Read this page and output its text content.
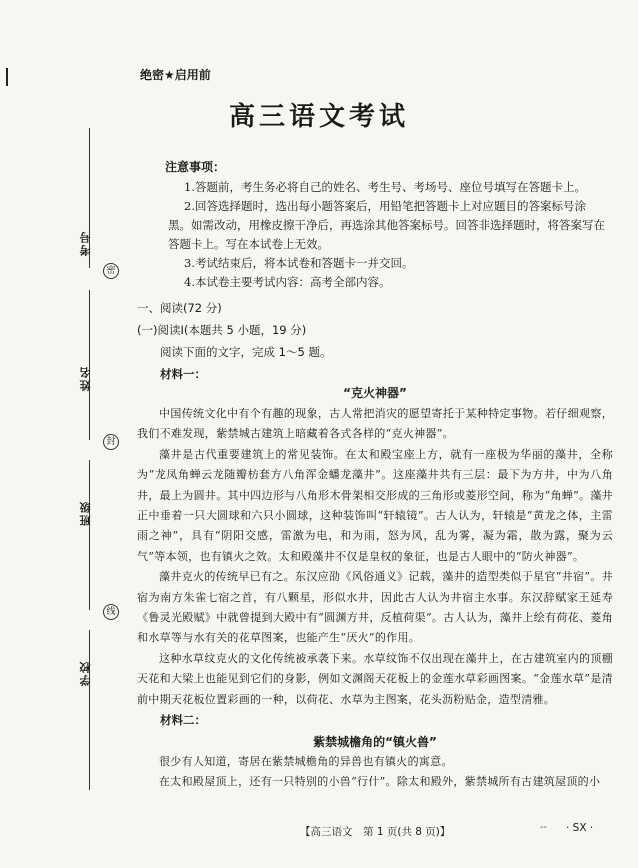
考号
密
姓名
封
班级
线
学校
绝密★启用前
高三语文考试
注意事项：

1.答题前，考生务必将自己的姓名、考生号、考场号、座位号填写在答题卡上。

2.回答选择题时，选出每小题答案后，用铅笔把答题卡上对应题目的答案标号涂

黑。如需改动，用橡皮擦干净后，再选涂其他答案标号。回答非选择题时，将答案写在

答题卡上。写在本试卷上无效。

3.考试结束后，将本试卷和答题卡一并交回。

4.本试卷主要考试内容：高考全部内容。

一、阅读(72 分)
(一)阅读Ⅰ(本题共 5 小题，19 分)
阅读下面的文字，完成 1～5 题。
材料一：
“克火神器”

中国传统文化中有个有趣的现象，古人常把消灾的愿望寄托于某种特定事物。若仔细观察，我们不难发现，紫禁城古建筑上暗藏着各式各样的“克火神器”。

藻井是古代重要建筑上的常见装饰。在太和殿宝座上方，就有一座极为华丽的藻井，全称为“龙凤角蝉云龙随瓣枋套方八角浑金蟠龙藻井”。这座藻井共有三层：最下为方井，中为八角井，最上为圆井。其中四边形与八角形木骨架相交形成的三角形或菱形空间，称为“角蝉”。藻井正中垂着一只大圆球和六只小圆球，这种装饰叫“轩辕镜”。古人认为，轩辕是“黄龙之体，主雷雨之神”，具有“阴阳交感，雷激为电，和为雨，怒为风，乱为雾，凝为霜，散为露，聚为云气”等本领，也有镇火之效。太和殿藻井不仅是皇权的象征，也是古人眼中的“防火神器”。

藻井克火的传统早已有之。东汉应劭《风俗通义》记载，藻井的造型类似于星官“井宿”。井宿为南方朱雀七宿之首，有八颗星，形似水井，因此古人认为井宿主水事。东汉辞赋家王延寿《鲁灵光殿赋》中就曾提到大殿中有“圆渊方井，反植荷渠”。古人认为，藻井上绘有荷花、菱角和水草等与水有关的花草图案，也能产生“厌火”的作用。

这种水草纹克火的文化传统被承袭下来。水草纹饰不仅出现在藻井上，在古建筑室内的顶棚天花和大梁上也能见到它们的身影，例如文渊阁天花板上的金莲水草彩画图案。“金莲水草”是清前中期天花板位置彩画的一种，以荷花、水草为主图案，花头沥粉贴金，造型清雅。

材料二：
紫禁城檐角的“镇火兽”

很少有人知道，寄居在紫禁城檐角的异兽也有镇火的寓意。

在太和殿屋顶上，还有一只特别的小兽“行什”。除太和殿外，紫禁城所有古建筑屋顶的小

【高三语文　第 1 页(共 8 页)】	-- · SX ·
